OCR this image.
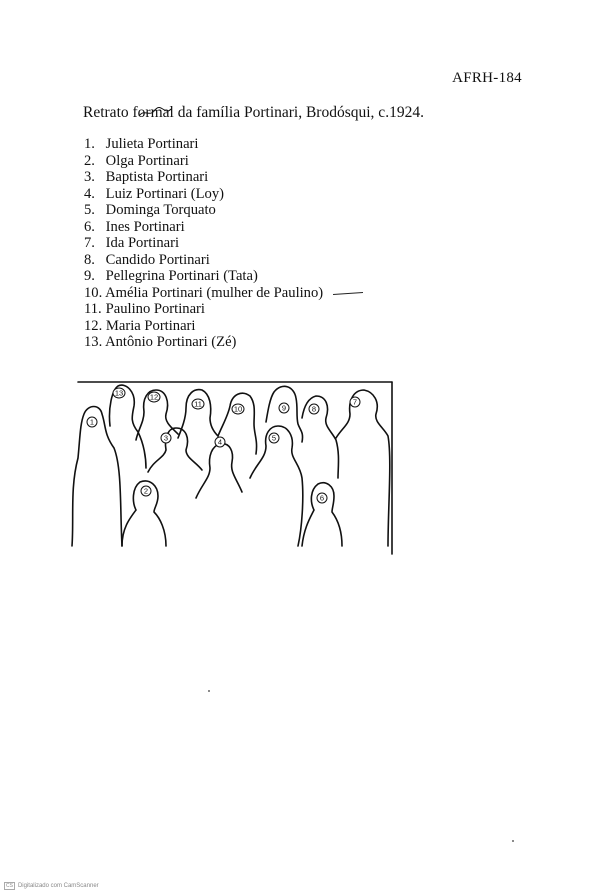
AFRH-184
Retrato formal
da família Portinari, Brodósqui, c.1924.
1. Julieta Portinari
2. Olga Portinari
3. Baptista Portinari
4. Luiz Portinari (Loy)
5. Dominga Torquato
6. Ines Portinari
7. Ida Portinari
8. Candido Portinari
9. Pellegrina Portinari (Tata)
10. Amélia Portinari (mulher de Paulino)
11. Paulino Portinari
12. Maria Portinari
13. Antônio Portinari (Zé)
1
2
3	4	5
6
7
8
9
10
11
12
13
CS Digitalizado com CamScanner
